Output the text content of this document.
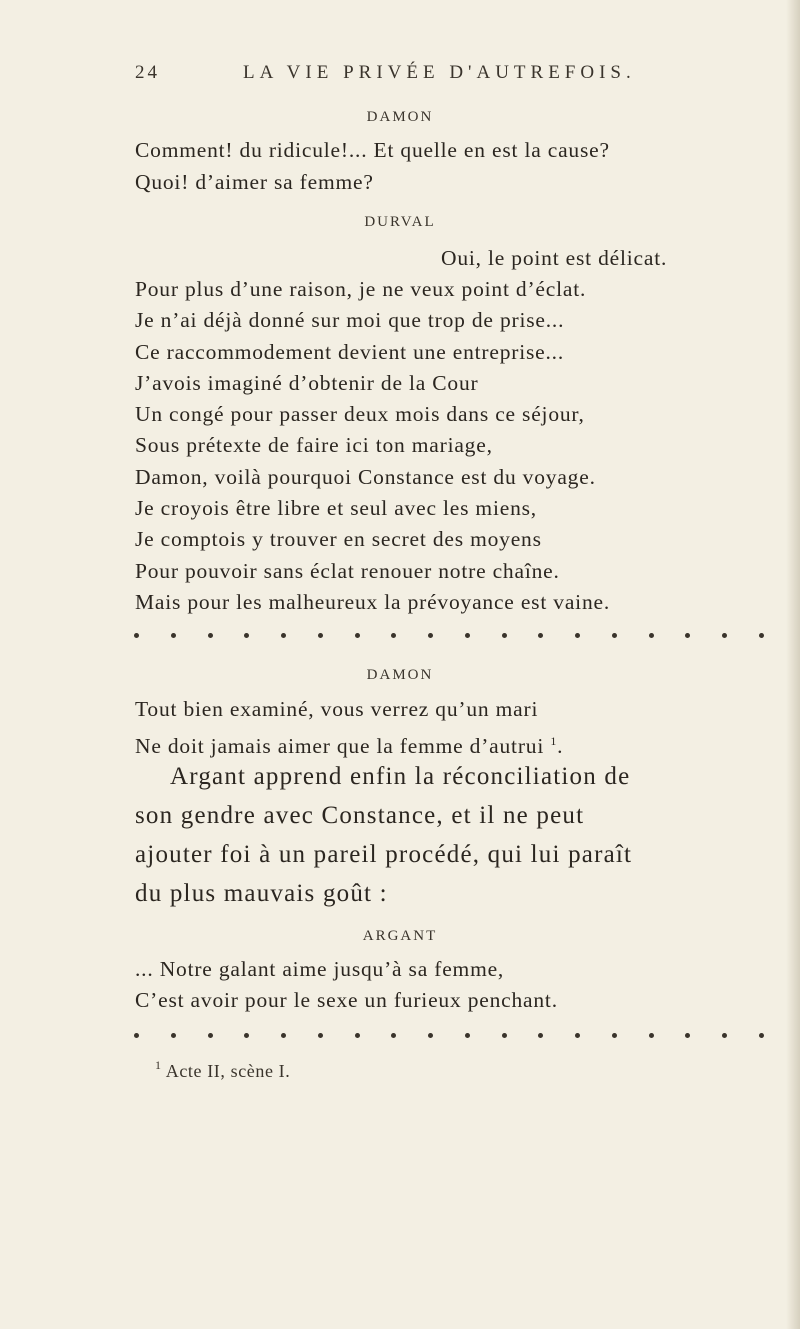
24	LA VIE PRIVÉE D'AUTREFOIS.
DAMON
Comment! du ridicule!... Et quelle en est la cause?
Quoi! d’aimer sa femme?
DURVAL
Oui, le point est délicat.
Pour plus d’une raison, je ne veux point d’éclat.
Je n’ai déjà donné sur moi que trop de prise...
Ce raccommodement devient une entreprise...
J’avois imaginé d’obtenir de la Cour
Un congé pour passer deux mois dans ce séjour,
Sous prétexte de faire ici ton mariage,
Damon, voilà pourquoi Constance est du voyage.
Je croyois être libre et seul avec les miens,
Je comptois y trouver en secret des moyens
Pour pouvoir sans éclat renouer notre chaîne.
Mais pour les malheureux la prévoyance est vaine.
DAMON
Tout bien examiné, vous verrez qu’un mari
Ne doit jamais aimer que la femme d’autrui $^1$.
Argant apprend enfin la réconciliation de
son gendre avec Constance, et il ne peut
ajouter foi à un pareil procédé, qui lui paraît
du plus mauvais goût :
ARGANT
... Notre galant aime jusqu’à sa femme,
C’est avoir pour le sexe un furieux penchant.
$^1$ Acte II, scène I.
